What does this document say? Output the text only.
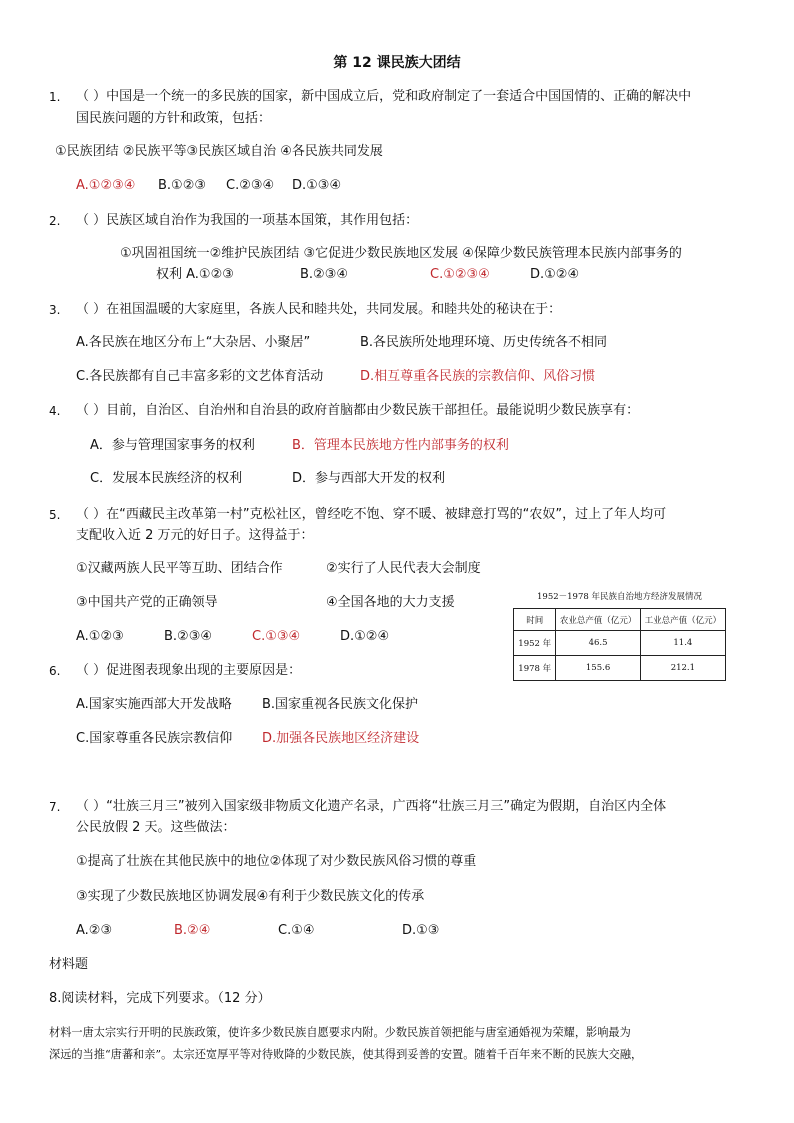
第 12 课民族大团结
1. （ ）中国是一个统一的多民族的国家，新中国成立后，党和政府制定了一套适合中国国情的、正确的解决中
国民族问题的方针和政策，包括：
①民族团结 ②民族平等③民族区域自治 ④各民族共同发展
A.①②③④ B.①②③ C.②③④ D.①③④
2. （ ）民族区域自治作为我国的一项基本国策，其作用包括：
①巩固祖国统一②维护民族团结 ③它促进少数民族地区发展 ④保障少数民族管理本民族内部事务的
权利 A.①②③	B.②③④	C.①②③④	D.①②④
3. （ ）在祖国温暖的大家庭里，各族人民和睦共处，共同发展。和睦共处的秘诀在于：
A.各民族在地区分布上“大杂居、小聚居”	B.各民族所处地理环境、历史传统各不相同
C.各民族都有自己丰富多彩的文艺体育活动	D.相互尊重各民族的宗教信仰、风俗习惯
4. （ ）目前，自治区、自治州和自治县的政府首脑都由少数民族干部担任。最能说明少数民族享有：
A．参与管理国家事务的权利	B．管理本民族地方性内部事务的权利
C．发展本民族经济的权利	D．参与西部大开发的权利
5. （ ）在“西藏民主改革第一村”克松社区，曾经吃不饱、穿不暖、被肆意打骂的“农奴”，过上了年人均可
支配收入近 2 万元的好日子。这得益于：
①汉藏两族人民平等互助、团结合作	②实行了人民代表大会制度
③中国共产党的正确领导	④全国各地的大力支援
A.①②③	B.②③④	C.①③④	D.①②④
1952－1978 年民族自治地方经济发展情况
时间	农业总产值（亿元）	工业总产值（亿元）
1952 年	46.5	11.4
1978 年	155.6	212.1
6. （ ）促进图表现象出现的主要原因是：
A.国家实施西部大开发战略 B.国家重视各民族文化保护
C.国家尊重各民族宗教信仰 D.加强各民族地区经济建设
7. （ ）“壮族三月三”被列入国家级非物质文化遗产名录，广西将“壮族三月三”确定为假期，自治区内全体
公民放假 2 天。这些做法：
①提高了壮族在其他民族中的地位②体现了对少数民族风俗习惯的尊重
③实现了少数民族地区协调发展④有利于少数民族文化的传承
A.②③	B.②④	C.①④	D.①③
材料题
8.阅读材料，完成下列要求。（12 分）
材料一唐太宗实行开明的民族政策，使许多少数民族自愿要求内附。少数民族首领把能与唐室通婚视为荣耀，影响最为
深远的当推“唐蕃和亲”。太宗还宽厚平等对待败降的少数民族，使其得到妥善的安置。随着千百年来不断的民族大交融，
